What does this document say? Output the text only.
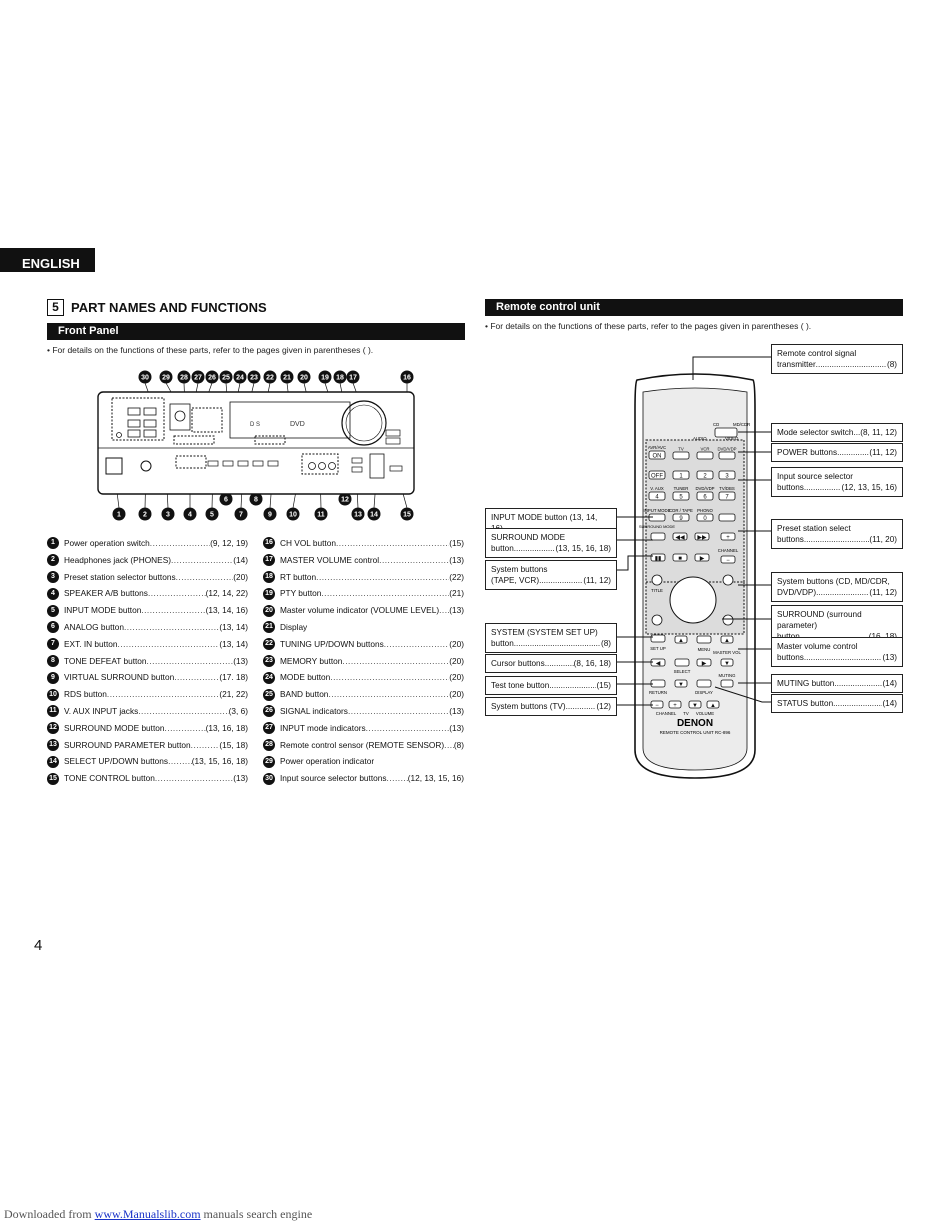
ENGLISH
5 PART NAMES AND FUNCTIONS
Front Panel
• For details on the functions of these parts, refer to the pages given in parentheses ( ).
30 29 28 27 26 25 24 23 22 21 20 19 18 17	16
1	2	3	4	5
6
7
8
9 10	11
12
13 14	15
D S	DVD
1	Power operation switch .....	(9, 12, 19)
2	Headphones jack (PHONES) .....	(14)
3	Preset station selector buttons .....	(20)
4	SPEAKER A/B buttons .....	(12, 14, 22)
5	INPUT MODE button .....	(13, 14, 16)
6	ANALOG button .....	(13, 14)
7	EXT. IN button .....	(13, 14)
8	TONE DEFEAT button .....	(13)
9	VIRTUAL SURROUND button .....	(17. 18)
10 RDS button .....	(21, 22)
11 V. AUX INPUT jacks .....	(3, 6)
12 SURROUND MODE button .....	(13, 16, 18)
13 SURROUND PARAMETER button .....	(15, 18)
14 SELECT UP/DOWN buttons .....	(13, 15, 16, 18)
15 TONE CONTROL button .....	(13)
16 CH VOL button .....	(15)
17 MASTER VOLUME control .....	(13)
18 RT button .....	(22)
19 PTY button .....	(21)
20 Master volume indicator (VOLUME LEVEL) ..... (13)
21 Display
22 TUNING UP/DOWN buttons .....	(20)
23 MEMORY button .....	(20)
24 MODE button .....	(20)
25 BAND button .....	(20)
26 SIGNAL indicators .....	(13)
27 INPUT mode indicators .....	(13)
28 Remote control sensor (REMOTE SENSOR) ..... (8)
29 Power operation indicator
30 Input source selector buttons .....	(12, 13, 15, 16)
Remote control unit
• For details on the functions of these parts, refer to the pages given in parentheses ( ).
CD	MD/CDR
AUDIO	VIDEO
ON
AVR/AVC	TV	VCR DVD/VDP
OFF	1	2	3
4	5	6	7
V. AUX TUNER DVD/VDP TV/DBS
INPUT MODE
9	0
CDR / TAPE PHONO
SURROUND MODE
◀◀ ▶▶	+
CHANNEL
▮▮	■	▶	−
TITLE
SET UP
▲
MENU
▲
MASTER VOL
◀
SELECT
▶	▼
RETURN
▼
DISPLAY
MUTING
− +	▼ ▲
CHANNEL TV VOLUME
DENON
REMOTE CONTROL UNIT RC-896
Remote control signal
transmitter .....	(8)
Mode selector switch ..... .(8, 11, 12)
POWER buttons .....	(11, 12)
Input source selector
buttons .....	(12, 13, 15, 16)
Preset station select
buttons .....	(11, 20)
System buttons (CD, MD/CDR,
DVD/VDP) .....	(11, 12)
SURROUND (surround parameter)
.....
Master volume control
buttons .....	(13)
MUTING button .....	(14)
STATUS button .....	(14)
INPUT MODE button (13, 14,
SURROUND MODE
button .....	(13, 15, 16, 18)
System buttons
(TAPE, VCR) .....	(11, 12)
SYSTEM (SYSTEM SET UP)
button .....	(8)
Cursor buttons .....	(8, 16, 18)
Test tone button .....	(15)
System buttons (TV) .....	(12)
4
Downloaded from www.Manualslib.com manuals search engine
